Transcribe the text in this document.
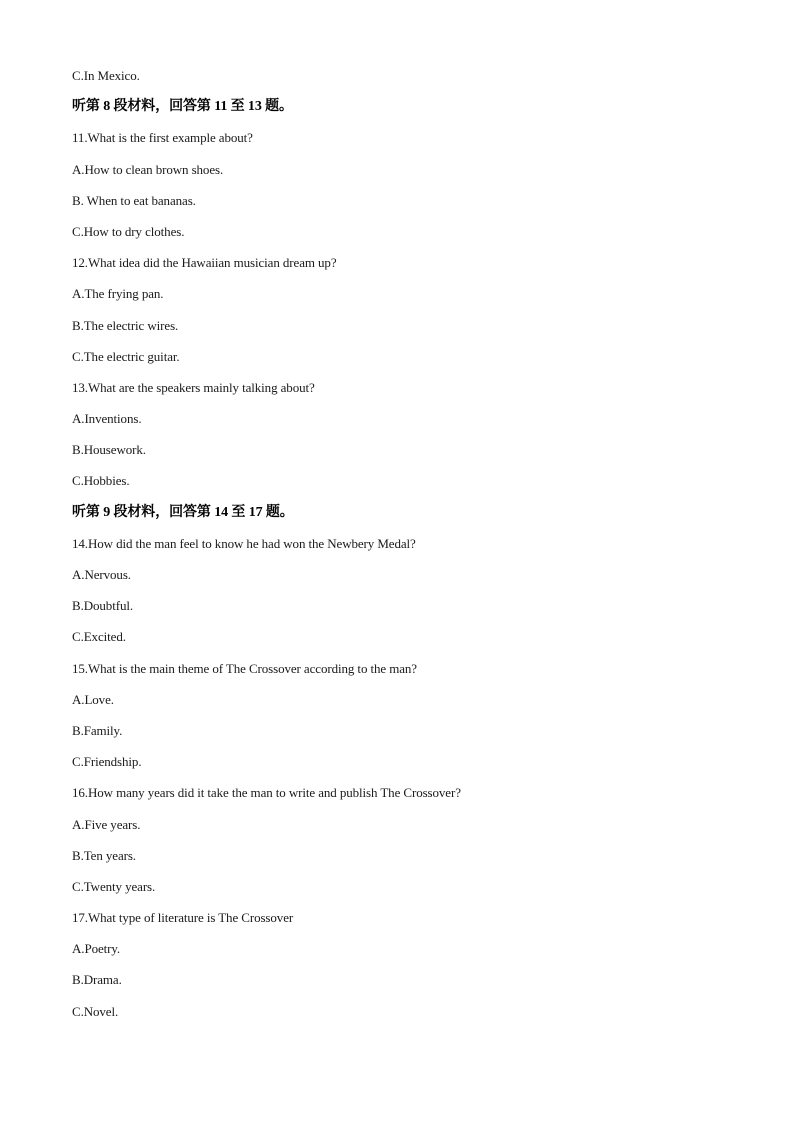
C.In Mexico.
听第 8 段材料，回答第 11 至 13 题。
11.What is the first example about?
A.How to clean brown shoes.
B. When to eat bananas.
C.How to dry clothes.
12.What idea did the Hawaiian musician dream up?
A.The frying pan.
B.The electric wires.
C.The electric guitar.
13.What are the speakers mainly talking about?
A.Inventions.
B.Housework.
C.Hobbies.
听第 9 段材料，回答第 14 至 17 题。
14.How did the man feel to know he had won the Newbery Medal?
A.Nervous.
B.Doubtful.
C.Excited.
15.What is the main theme of The Crossover according to the man?
A.Love.
B.Family.
C.Friendship.
16.How many years did it take the man to write and publish The Crossover?
A.Five years.
B.Ten years.
C.Twenty years.
17.What type of literature is The Crossover
A.Poetry.
B.Drama.
C.Novel.
